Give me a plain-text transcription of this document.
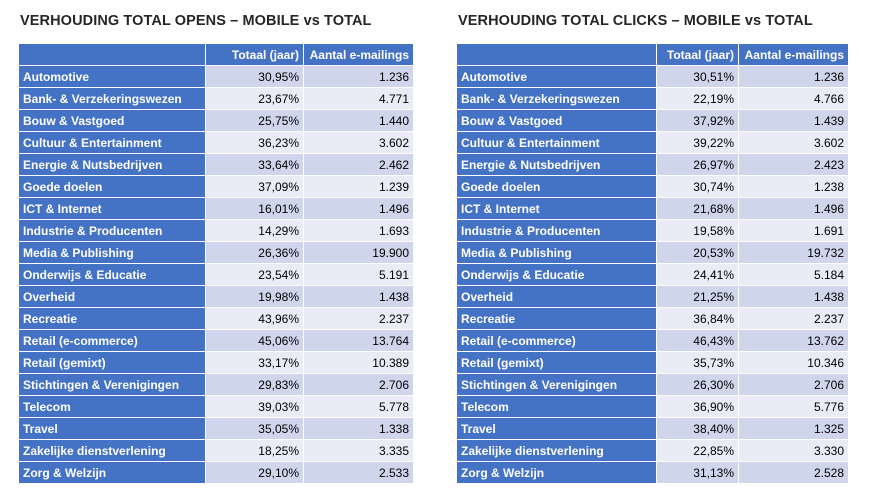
VERHOUDING TOTAL OPENS – MOBILE vs TOTAL
	Totaal (jaar)	Aantal e-mailings
Automotive	30,95%	1.236
Bank- & Verzekeringswezen	23,67%	4.771
Bouw & Vastgoed	25,75%	1.440
Cultuur & Entertainment	36,23%	3.602
Energie & Nutsbedrijven	33,64%	2.462
Goede doelen	37,09%	1.239
ICT & Internet	16,01%	1.496
Industrie & Producenten	14,29%	1.693
Media & Publishing	26,36%	19.900
Onderwijs & Educatie	23,54%	5.191
Overheid	19,98%	1.438
Recreatie	43,96%	2.237
Retail (e-commerce)	45,06%	13.764
Retail (gemixt)	33,17%	10.389
Stichtingen & Verenigingen	29,83%	2.706
Telecom	39,03%	5.778
Travel	35,05%	1.338
Zakelijke dienstverlening	18,25%	3.335
Zorg & Welzijn	29,10%	2.533
VERHOUDING TOTAL CLICKS – MOBILE vs TOTAL
	Totaal (jaar)	Aantal e-mailings
Automotive	30,51%	1.236
Bank- & Verzekeringswezen	22,19%	4.766
Bouw & Vastgoed	37,92%	1.439
Cultuur & Entertainment	39,22%	3.602
Energie & Nutsbedrijven	26,97%	2.423
Goede doelen	30,74%	1.238
ICT & Internet	21,68%	1.496
Industrie & Producenten	19,58%	1.691
Media & Publishing	20,53%	19.732
Onderwijs & Educatie	24,41%	5.184
Overheid	21,25%	1.438
Recreatie	36,84%	2.237
Retail (e-commerce)	46,43%	13.762
Retail (gemixt)	35,73%	10.346
Stichtingen & Verenigingen	26,30%	2.706
Telecom	36,90%	5.776
Travel	38,40%	1.325
Zakelijke dienstverlening	22,85%	3.330
Zorg & Welzijn	31,13%	2.528
